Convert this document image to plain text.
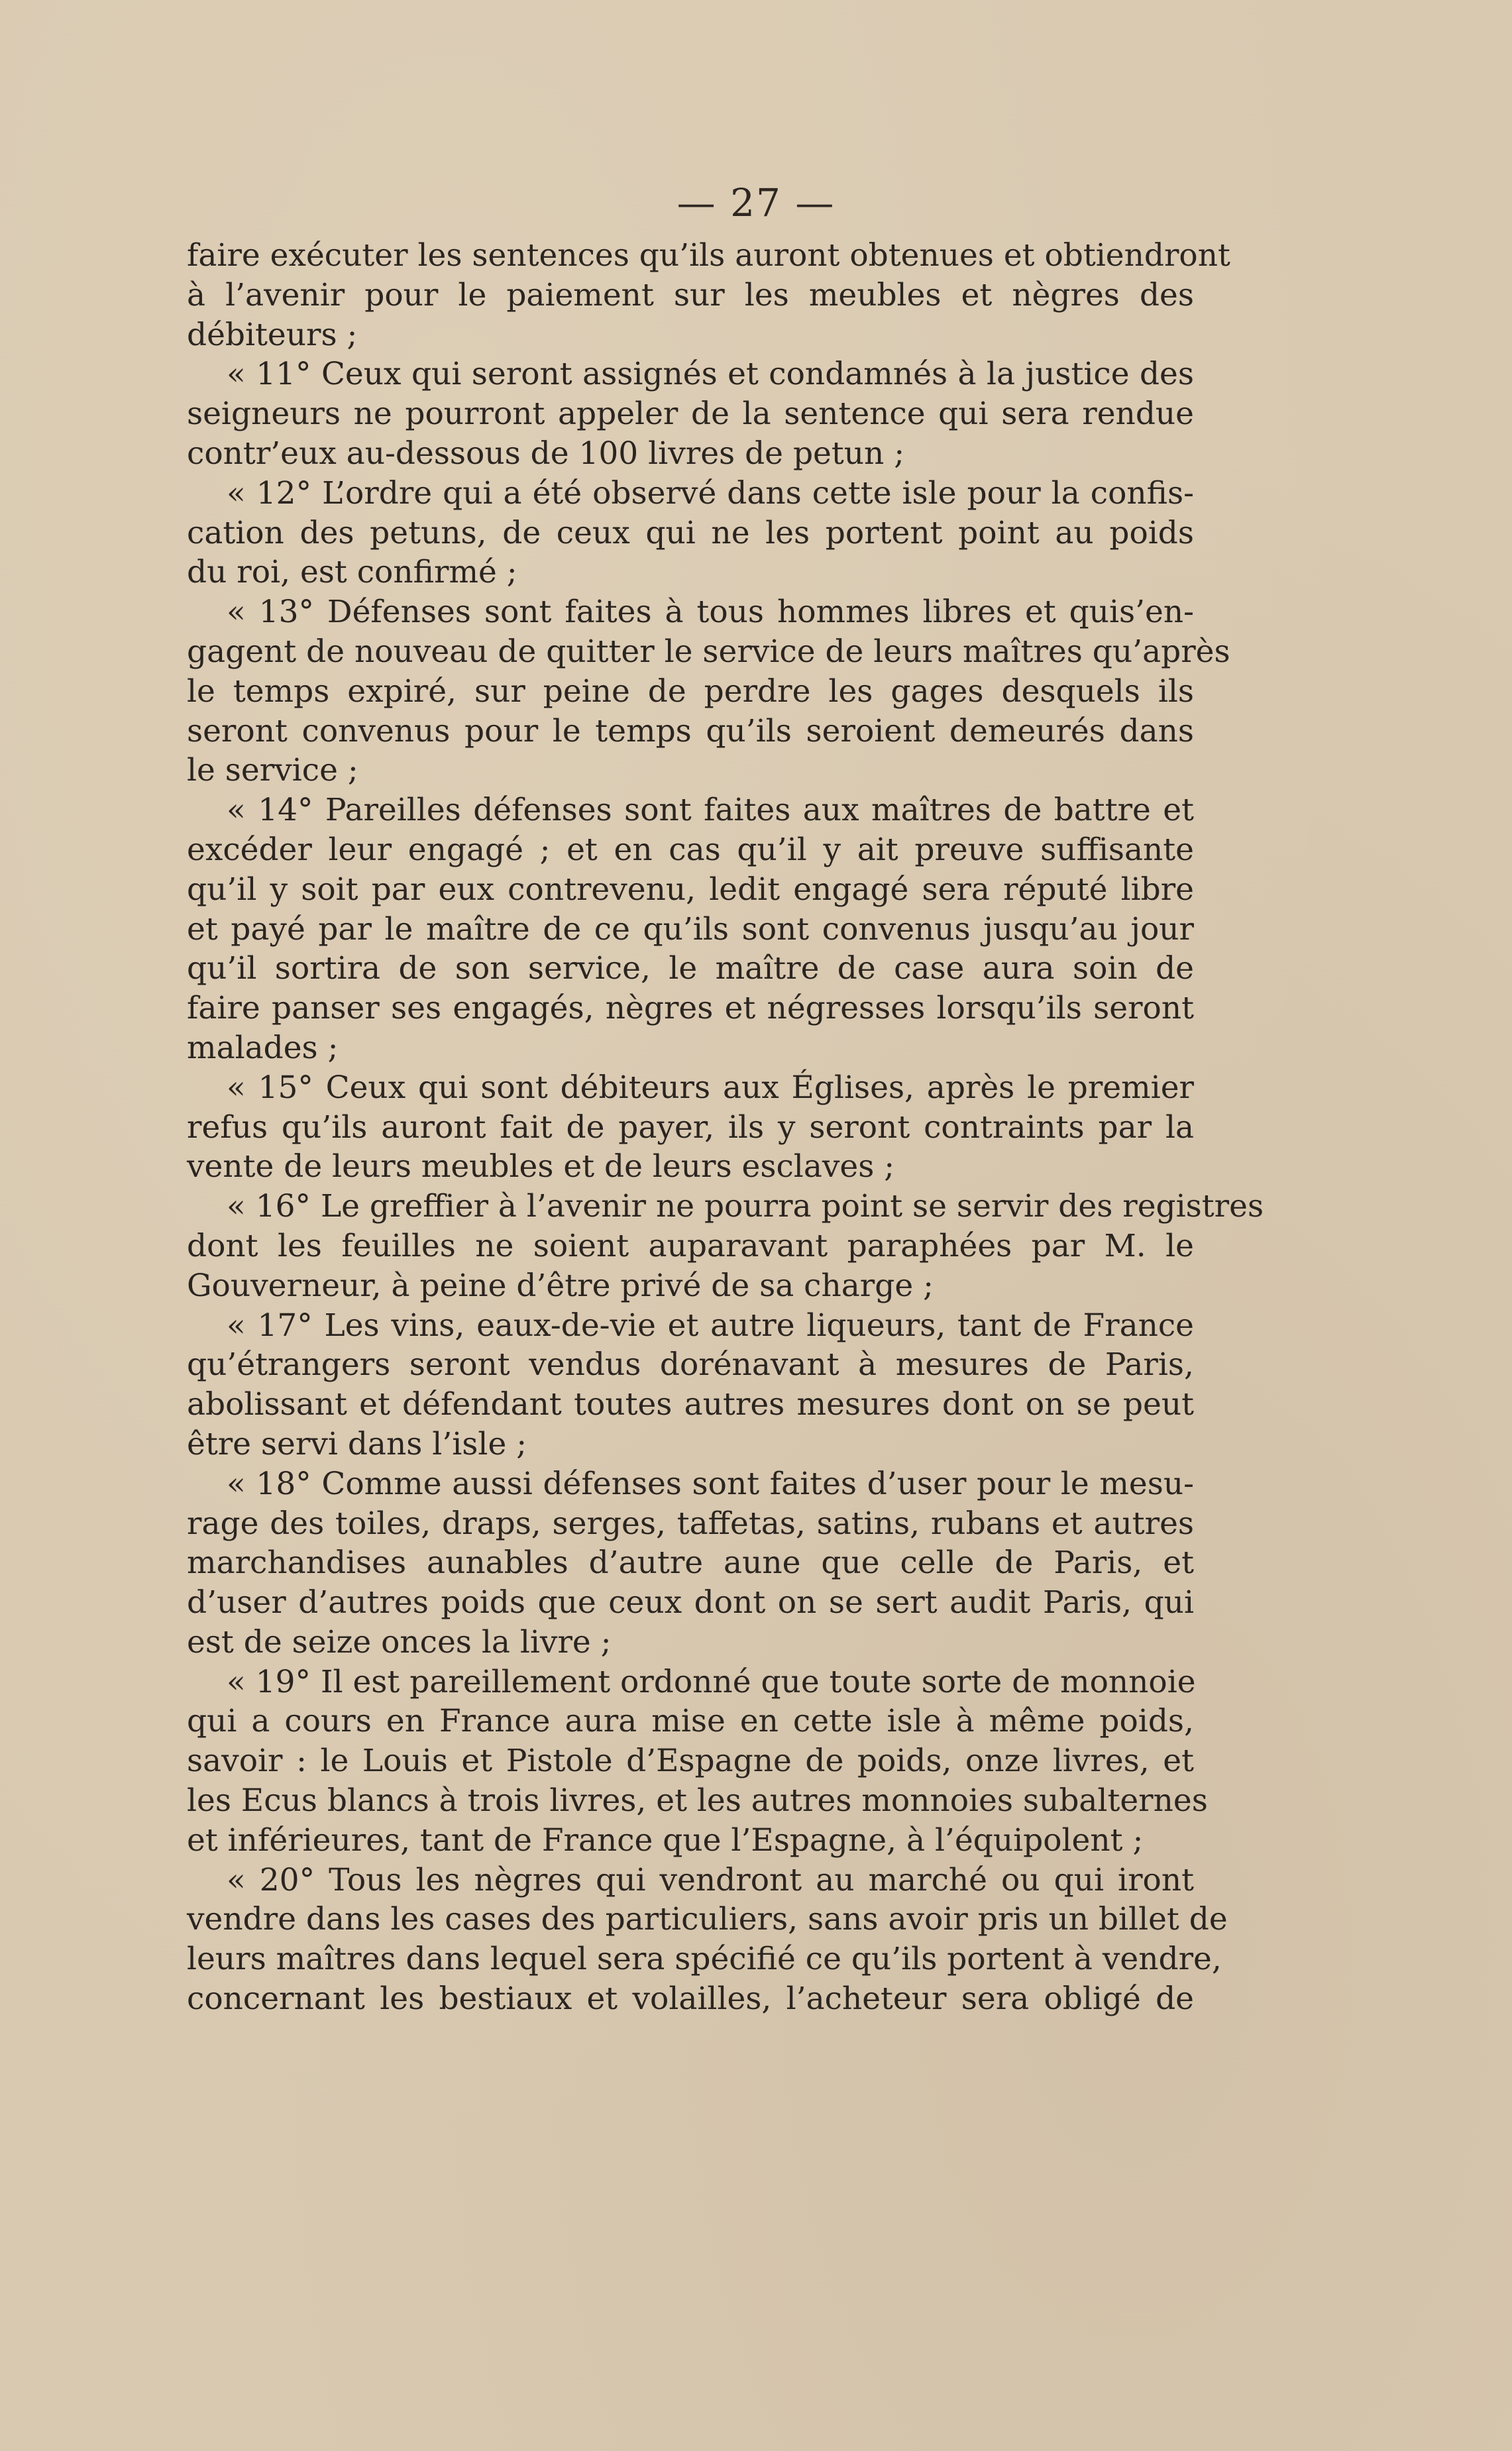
— 27 —
faire exécuter les sentences qu’ils auront obtenues et obtiendront
à l’avenir pour le paiement sur les meubles et nègres des
débiteurs ;
« 11° Ceux qui seront assignés et condamnés à la justice des
seigneurs ne pourront appeler de la sentence qui sera rendue
contr’eux au-dessous de 100 livres de petun ;
« 12° L’ordre qui a été observé dans cette isle pour la confis-
cation des petuns, de ceux qui ne les portent point au poids
du roi, est confirmé ;
« 13° Défenses sont faites à tous hommes libres et quis’en-
gagent de nouveau de quitter le service de leurs maîtres qu’après
le temps expiré, sur peine de perdre les gages desquels ils
seront convenus pour le temps qu’ils seroient demeurés dans
le service ;
« 14° Pareilles défenses sont faites aux maîtres de battre et
excéder leur engagé ; et en cas qu’il y ait preuve suffisante
qu’il y soit par eux contrevenu, ledit engagé sera réputé libre
et payé par le maître de ce qu’ils sont convenus jusqu’au jour
qu’il sortira de son service, le maître de case aura soin de
faire panser ses engagés, nègres et négresses lorsqu’ils seront
malades ;
« 15° Ceux qui sont débiteurs aux Églises, après le premier
refus qu’ils auront fait de payer, ils y seront contraints par la
vente de leurs meubles et de leurs esclaves ;
« 16° Le greffier à l’avenir ne pourra point se servir des registres
dont les feuilles ne soient auparavant paraphées par M. le
Gouverneur, à peine d’être privé de sa charge ;
« 17° Les vins, eaux-de-vie et autre liqueurs, tant de France
qu’étrangers seront vendus dorénavant à mesures de Paris,
abolissant et défendant toutes autres mesures dont on se peut
être servi dans l’isle ;
« 18° Comme aussi défenses sont faites d’user pour le mesu-
rage des toiles, draps, serges, taffetas, satins, rubans et autres
marchandises aunables d’autre aune que celle de Paris, et
d’user d’autres poids que ceux dont on se sert audit Paris, qui
est de seize onces la livre ;
« 19° Il est pareillement ordonné que toute sorte de monnoie
qui a cours en France aura mise en cette isle à même poids,
savoir : le Louis et Pistole d’Espagne de poids, onze livres, et
les Ecus blancs à trois livres, et les autres monnoies subalternes
et inférieures, tant de France que l’Espagne, à l’équipolent ;
« 20° Tous les nègres qui vendront au marché ou qui iront
vendre dans les cases des particuliers, sans avoir pris un billet de
leurs maîtres dans lequel sera spécifié ce qu’ils portent à vendre,
concernant les bestiaux et volailles, l’acheteur sera obligé de
